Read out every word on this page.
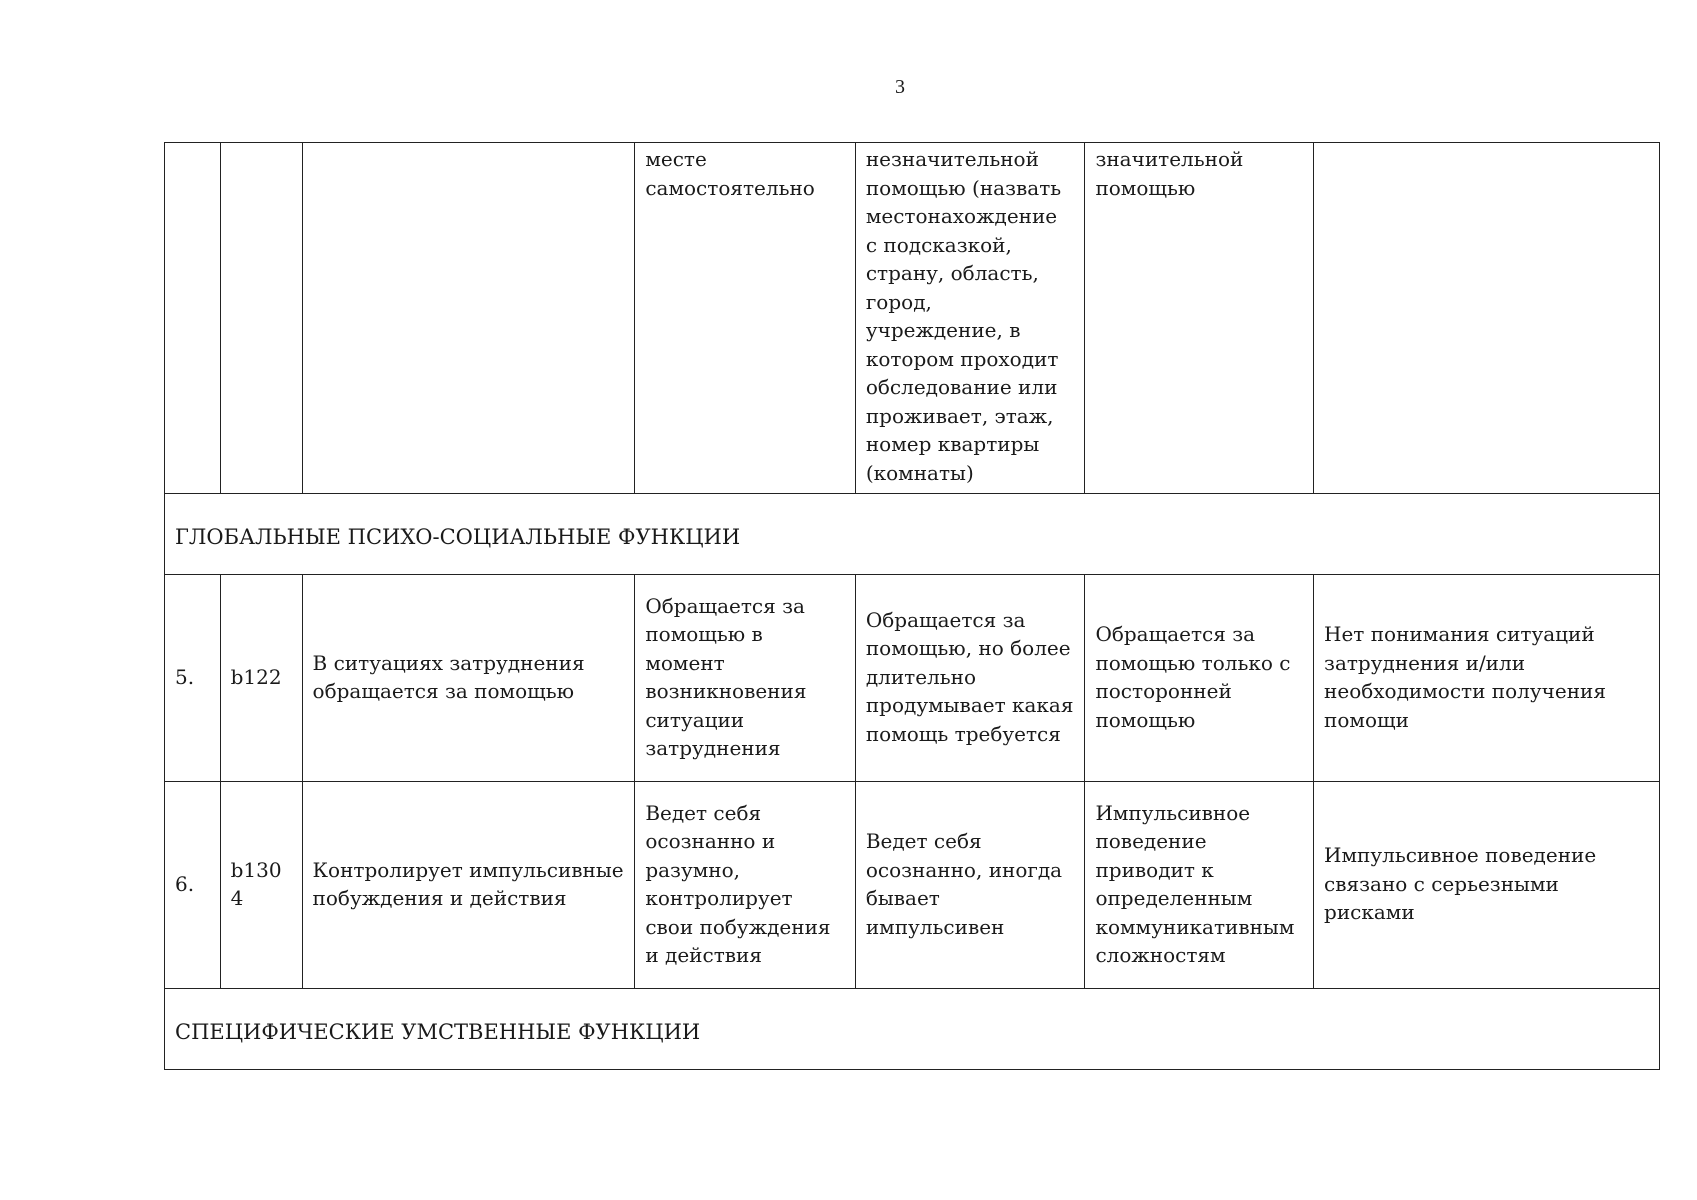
3
			месте самостоятельно	незначительной помощью (назвать местонахождение с подсказкой, страну, область, город, учреждение, в котором проходит обследование или проживает, этаж, номер квартиры (комнаты)	значительной помощью	
ГЛОБАЛЬНЫЕ ПСИХО-СОЦИАЛЬНЫЕ ФУНКЦИИ						
5.	b122	В ситуациях затруднения обращается за помощью	Обращается за помощью в момент возникновения ситуации затруднения	Обращается за помощью, но более длительно продумывает какая помощь требуется	Обращается за помощью только с посторонней помощью	Нет понимания ситуаций затруднения и/или необходимости получения помощи
6.	b130 4	Контролирует импульсивные побуждения и действия	Ведет себя осознанно и разумно, контролирует свои побуждения и действия	Ведет себя осознанно, иногда бывает импульсивен	Импульсивное поведение приводит к определенным коммуникативным сложностям	Импульсивное поведение связано с серьезными рисками
СПЕЦИФИЧЕСКИЕ УМСТВЕННЫЕ ФУНКЦИИ						
